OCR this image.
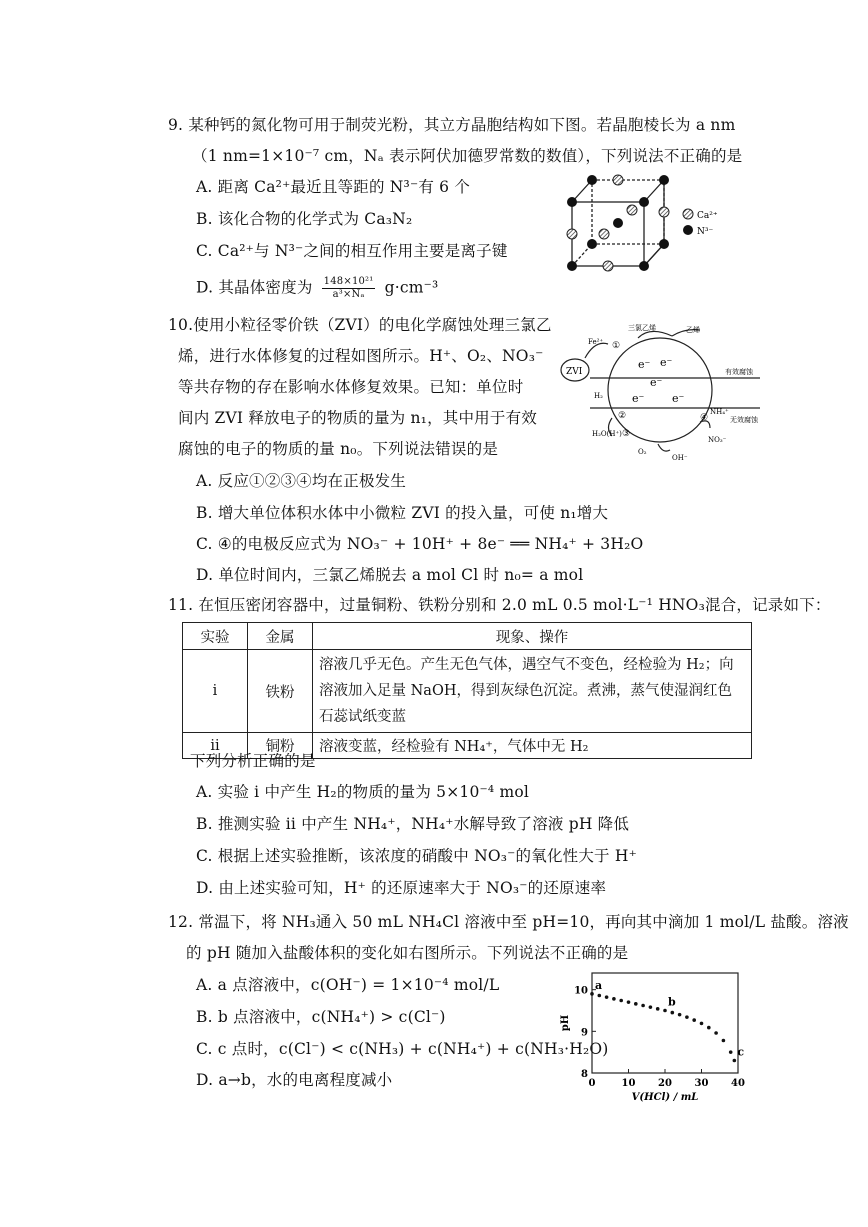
9. 某种钙的氮化物可用于制荧光粉，其立方晶胞结构如下图。若晶胞棱长为 a nm
（1 nm=1×10⁻⁷ cm，Nₐ 表示阿伏加德罗常数的数值），下列说法不正确的是
A. 距离 Ca²⁺最近且等距的 N³⁻有 6 个
B. 该化合物的化学式为 Ca₃N₂
C. Ca²⁺与 N³⁻之间的相互作用主要是离子键
D. 其晶体密度为 $\frac{\text{148×10²¹}}{\text{a³×Nₐ}} g\cdot cm^{-3}$
Ca²⁺
N³⁻
10.使用小粒径零价铁（ZVI）的电化学腐蚀处理三氯乙
烯，进行水体修复的过程如图所示。H⁺、O₂、NO₃⁻
等共存物的存在影响水体修复效果。已知：单位时
间内 ZVI 释放电子的物质的量为 n₁，其中用于有效
腐蚀的电子的物质的量 n₀。下列说法错误的是
A. 反应①②③④均在正极发生
B. 增大单位体积水体中小微粒 ZVI 的投入量，可使 n₁增大
C. ④的电极反应式为 NO₃⁻ + 10H⁺ + 8e⁻ ══ NH₄⁺ + 3H₂O
D. 单位时间内，三氯乙烯脱去 a mol Cl 时 n₀= a mol
ZVI
Fe²⁺
三氯乙烯	乙烯
有效腐蚀
无效腐蚀
H₂
H₂O(H⁺)
O₂
OH⁻
NH₄⁺
NO₃⁻
①
②
③
④
e⁻ e⁻
e⁻
e⁻	e⁻
11. 在恒压密闭容器中，过量铜粉、铁粉分别和 2.0 mL 0.5 mol·L⁻¹ HNO₃混合，记录如下：
实验	金属	现象、操作
i	铁粉	溶液几乎无色。产生无色气体，遇空气不变色，经检验为 H₂；向溶液加入足量 NaOH，得到灰绿色沉淀。煮沸，蒸气使湿润红色石蕊试纸变蓝
ii	铜粉	溶液变蓝，经检验有 NH₄⁺，气体中无 H₂
下列分析正确的是
A. 实验 i 中产生 H₂的物质的量为 5×10⁻⁴ mol
B. 推测实验 ii 中产生 NH₄⁺，NH₄⁺水解导致了溶液 pH 降低
C. 根据上述实验推断，该浓度的硝酸中 NO₃⁻的氧化性大于 H⁺
D. 由上述实验可知，H⁺ 的还原速率大于 NO₃⁻的还原速率
12. 常温下，将 NH₃通入 50 mL NH₄Cl 溶液中至 pH=10，再向其中滴加 1 mol/L 盐酸。溶液
的 pH 随加入盐酸体积的变化如右图所示。下列说法不正确的是
A. a 点溶液中，c(OH⁻) = 1×10⁻⁴ mol/L
B. b 点溶液中，c(NH₄⁺) > c(Cl⁻)
C. c 点时，c(Cl⁻) < c(NH₃) + c(NH₄⁺) + c(NH₃·H₂O)
D. a→b，水的电离程度减小	0	10 20 30 40
8
9
10
V(HCl) / mL
pH
a
b
c
